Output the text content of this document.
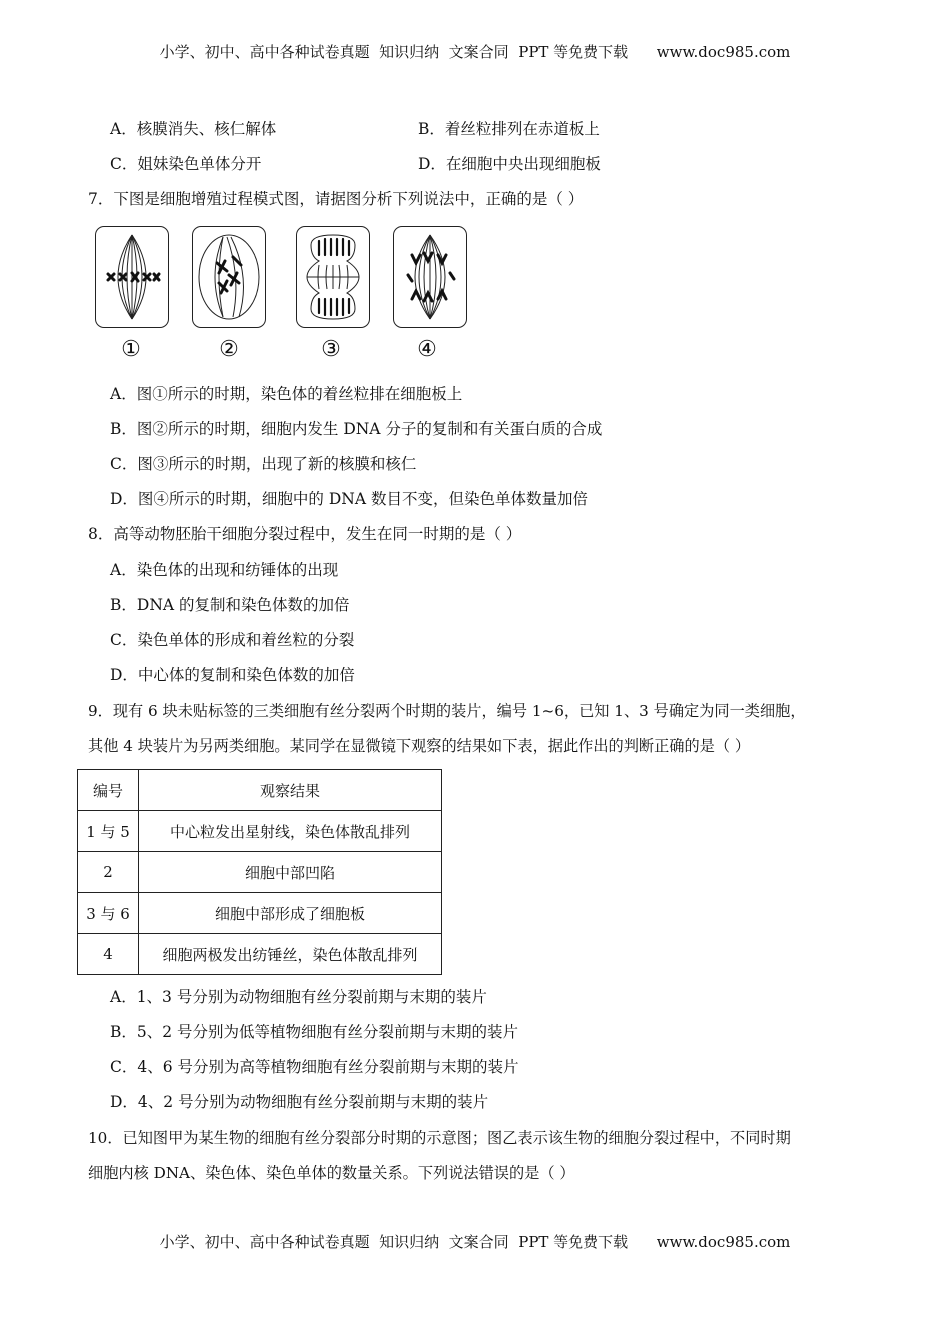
小学、初中、高中各种试卷真题  知识归纳  文案合同  PPT 等免费下载      www.doc985.com
A．核膜消失、核仁解体	B．着丝粒排列在赤道板上
C．姐妹染色单体分开	D．在细胞中央出现细胞板
7．下图是细胞增殖过程模式图，请据图分析下列说法中，正确的是（ ）
①	②	③	④
A．图①所示的时期，染色体的着丝粒排在细胞板上
B．图②所示的时期，细胞内发生 DNA 分子的复制和有关蛋白质的合成
C．图③所示的时期，出现了新的核膜和核仁
D．图④所示的时期，细胞中的 DNA 数目不变，但染色单体数量加倍
8．高等动物胚胎干细胞分裂过程中，发生在同一时期的是（ ）
A．染色体的出现和纺锤体的出现
B．DNA 的复制和染色体数的加倍
C．染色单体的形成和着丝粒的分裂
D．中心体的复制和染色体数的加倍
9．现有 6 块未贴标签的三类细胞有丝分裂两个时期的装片，编号 1~6，已知 1、3 号确定为同一类细胞，
其他 4 块装片为另两类细胞。某同学在显微镜下观察的结果如下表，据此作出的判断正确的是（ ）
编号	观察结果
1 与 5	中心粒发出星射线，染色体散乱排列
2	细胞中部凹陷
3 与 6	细胞中部形成了细胞板
4	细胞两极发出纺锤丝，染色体散乱排列
A．1、3 号分别为动物细胞有丝分裂前期与末期的装片
B．5、2 号分别为低等植物细胞有丝分裂前期与末期的装片
C．4、6 号分别为高等植物细胞有丝分裂前期与末期的装片
D．4、2 号分别为动物细胞有丝分裂前期与末期的装片
10．已知图甲为某生物的细胞有丝分裂部分时期的示意图；图乙表示该生物的细胞分裂过程中，不同时期
细胞内核 DNA、染色体、染色单体的数量关系。下列说法错误的是（ ）
小学、初中、高中各种试卷真题  知识归纳  文案合同  PPT 等免费下载      www.doc985.com
